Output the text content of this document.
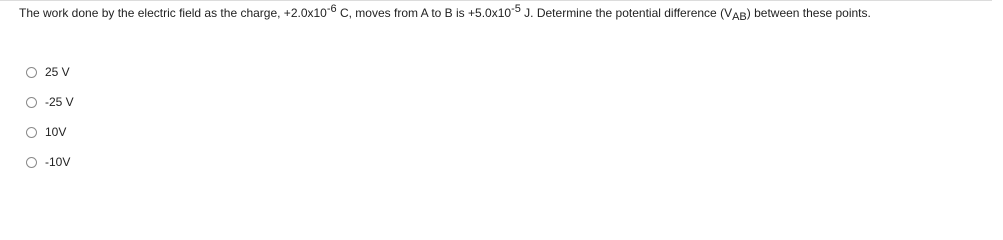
The work done by the electric field as the charge, $+2.0x10^{-6}$ C, moves from A to B is $+5.0x10^{-5}$ J. Determine the potential difference $(V_{AB})$ between these points.
25 V
-25 V
10V
-10V
